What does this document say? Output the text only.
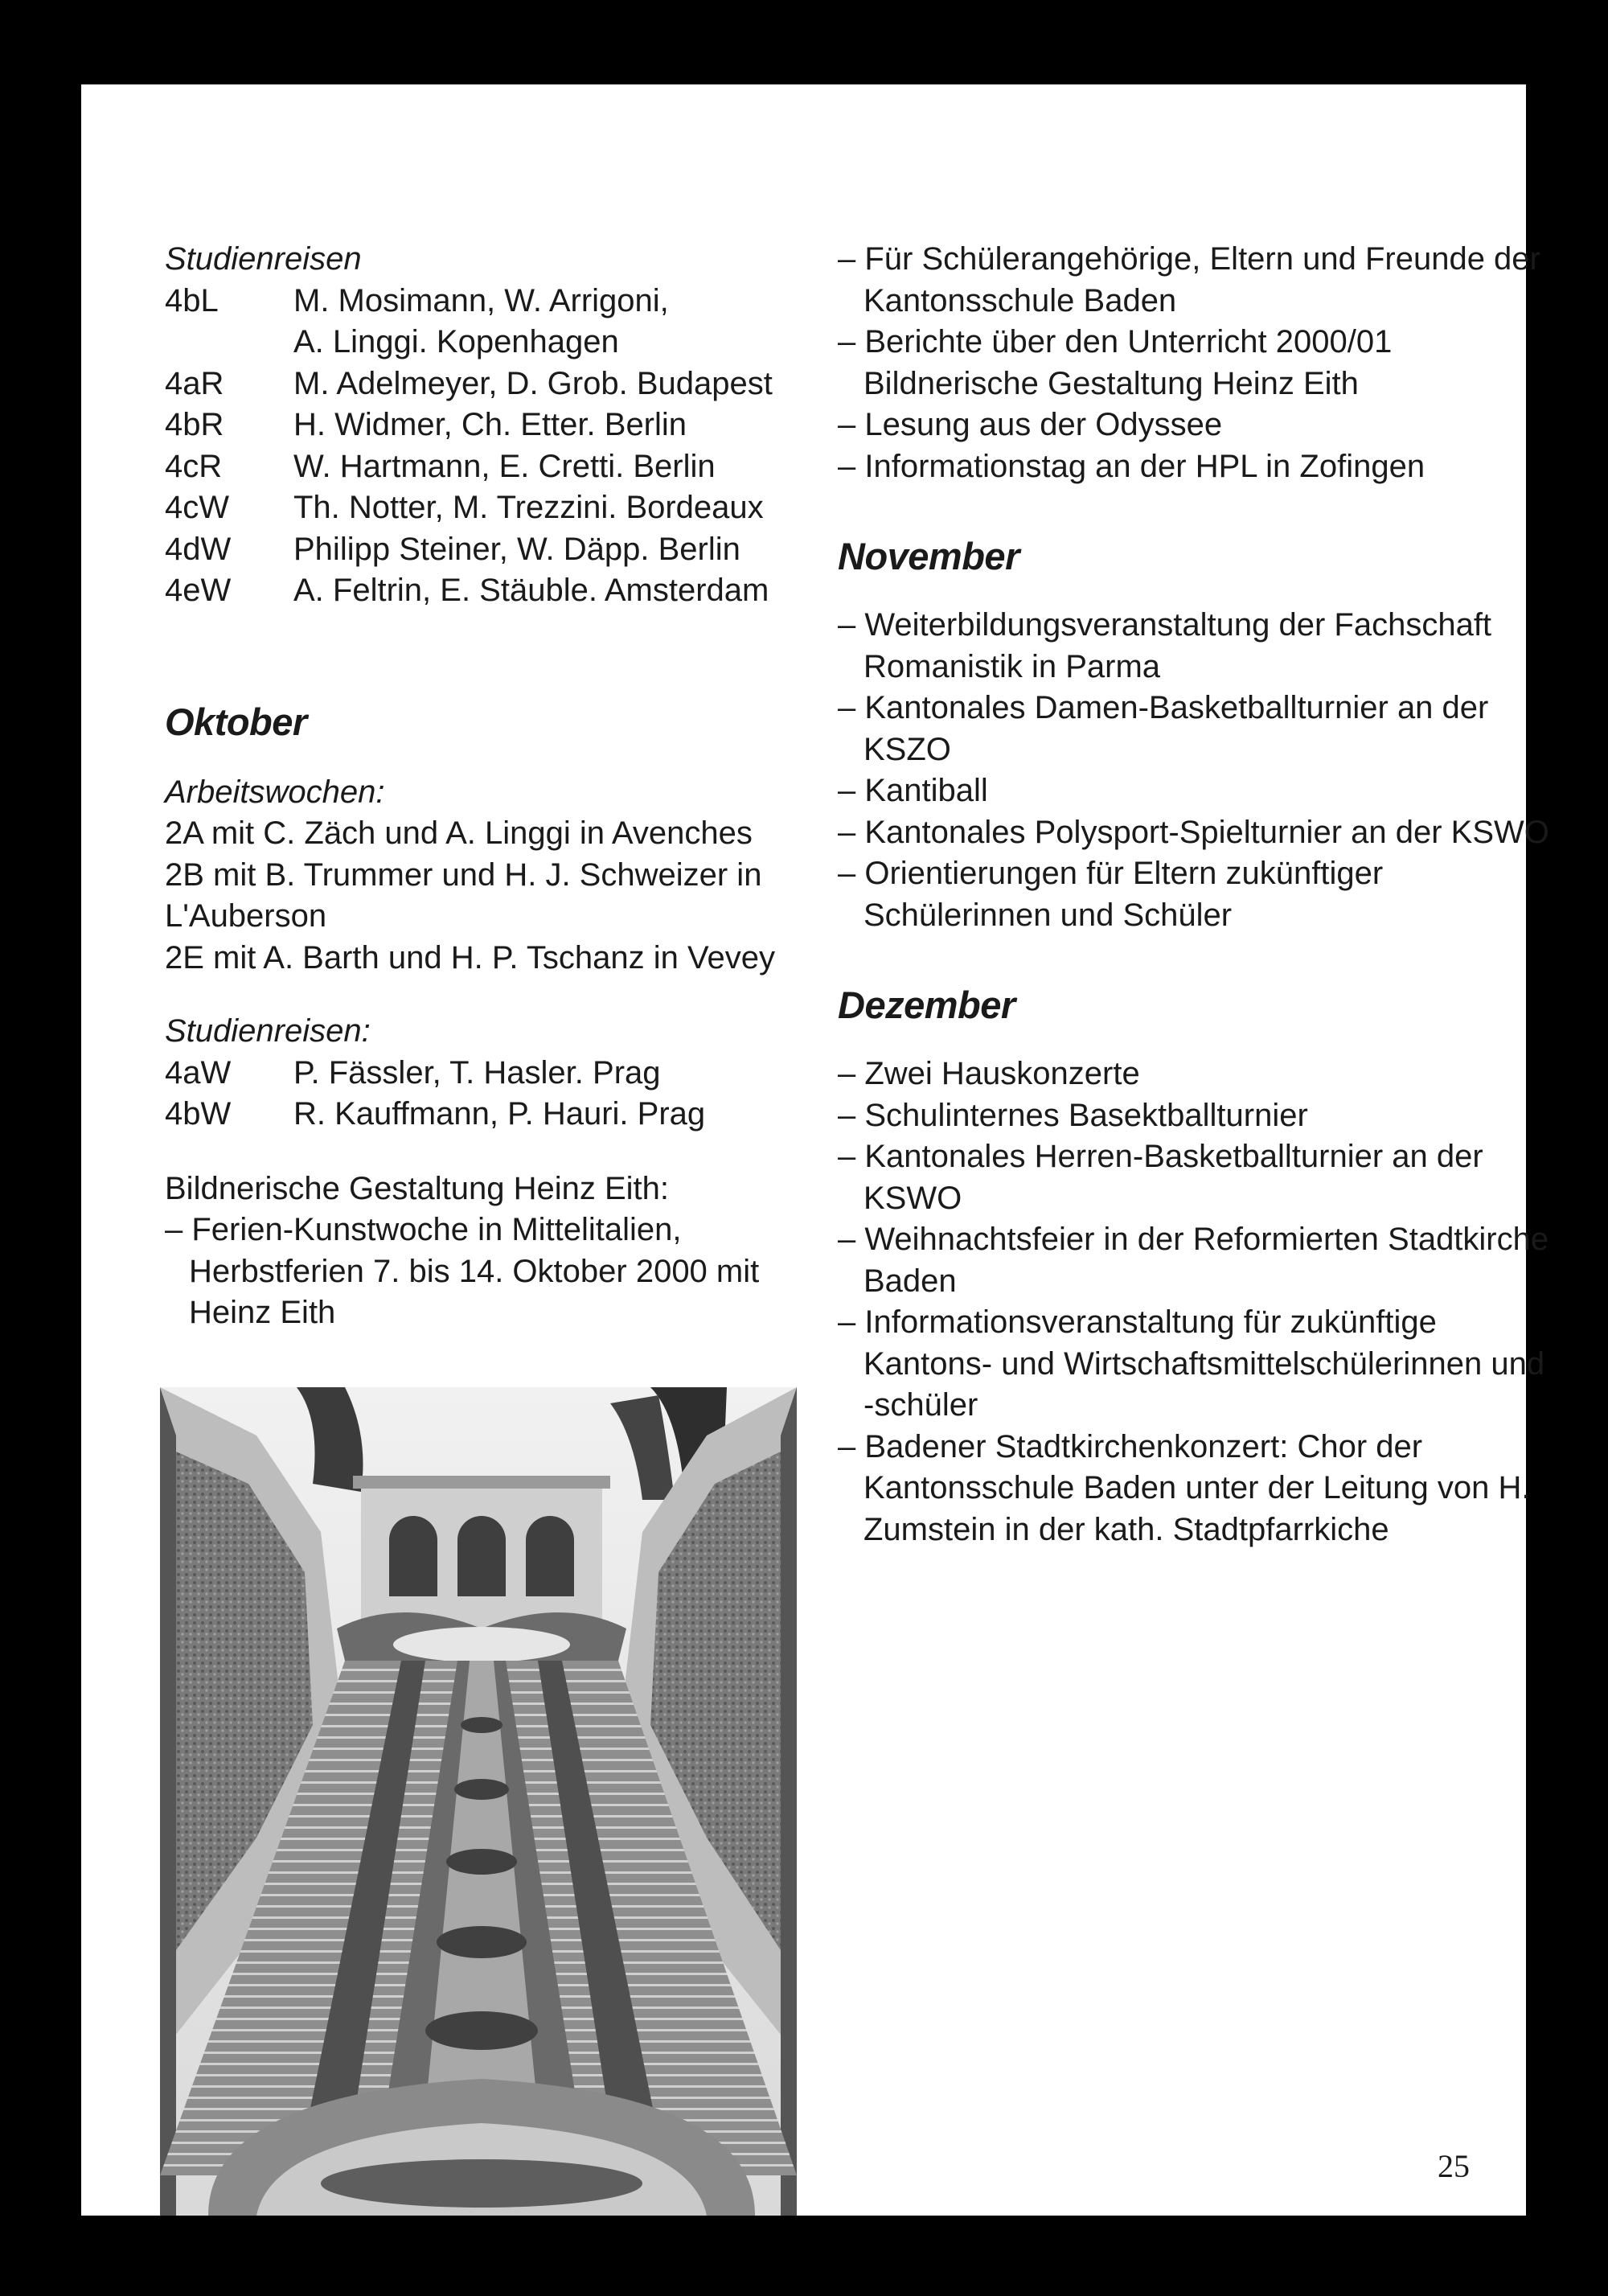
Studienreisen
4bL	M. Mosimann, W. Arrigoni,
A. Linggi. Kopenhagen
4aR	M. Adelmeyer, D. Grob. Budapest
4bR	H. Widmer, Ch. Etter. Berlin
4cR	W. Hartmann, E. Cretti. Berlin
4cW	Th. Notter, M. Trezzini. Bordeaux
4dW	Philipp Steiner, W. Däpp. Berlin
4eW	A. Feltrin, E. Stäuble. Amsterdam
Oktober
Arbeitswochen:
2A mit C. Zäch und A. Linggi in Avenches
2B mit B. Trummer und H. J. Schweizer in
L'Auberson
2E mit A. Barth und H. P. Tschanz in Vevey
Studienreisen:
4aW	P. Fässler, T. Hasler. Prag
4bW	R. Kauffmann, P. Hauri. Prag
Bildnerische Gestaltung Heinz Eith:
– Ferien-Kunstwoche in Mittelitalien, Herbstferien 7. bis 14. Oktober 2000 mit Heinz Eith
– Für Schülerangehörige, Eltern und Freunde der Kantonsschule Baden
– Berichte über den Unterricht 2000/01 Bildnerische Gestaltung Heinz Eith
– Lesung aus der Odyssee
– Informationstag an der HPL in Zofingen
November
– Weiterbildungsveranstaltung der Fachschaft Romanistik in Parma
– Kantonales Damen-Basketballturnier an der KSZO
– Kantiball
– Kantonales Polysport-Spielturnier an der KSWO
– Orientierungen für Eltern zukünftiger Schülerinnen und Schüler
Dezember
– Zwei Hauskonzerte
– Schulinternes Basektballturnier
– Kantonales Herren-Basketballturnier an der KSWO
– Weihnachtsfeier in der Reformierten Stadtkirche Baden
– Informationsveranstaltung für zukünftige Kantons- und Wirtschaftsmittelschülerinnen und -schüler
– Badener Stadtkirchenkonzert: Chor der Kantonsschule Baden unter der Leitung von H. Zumstein in der kath. Stadtpfarrkiche
25
